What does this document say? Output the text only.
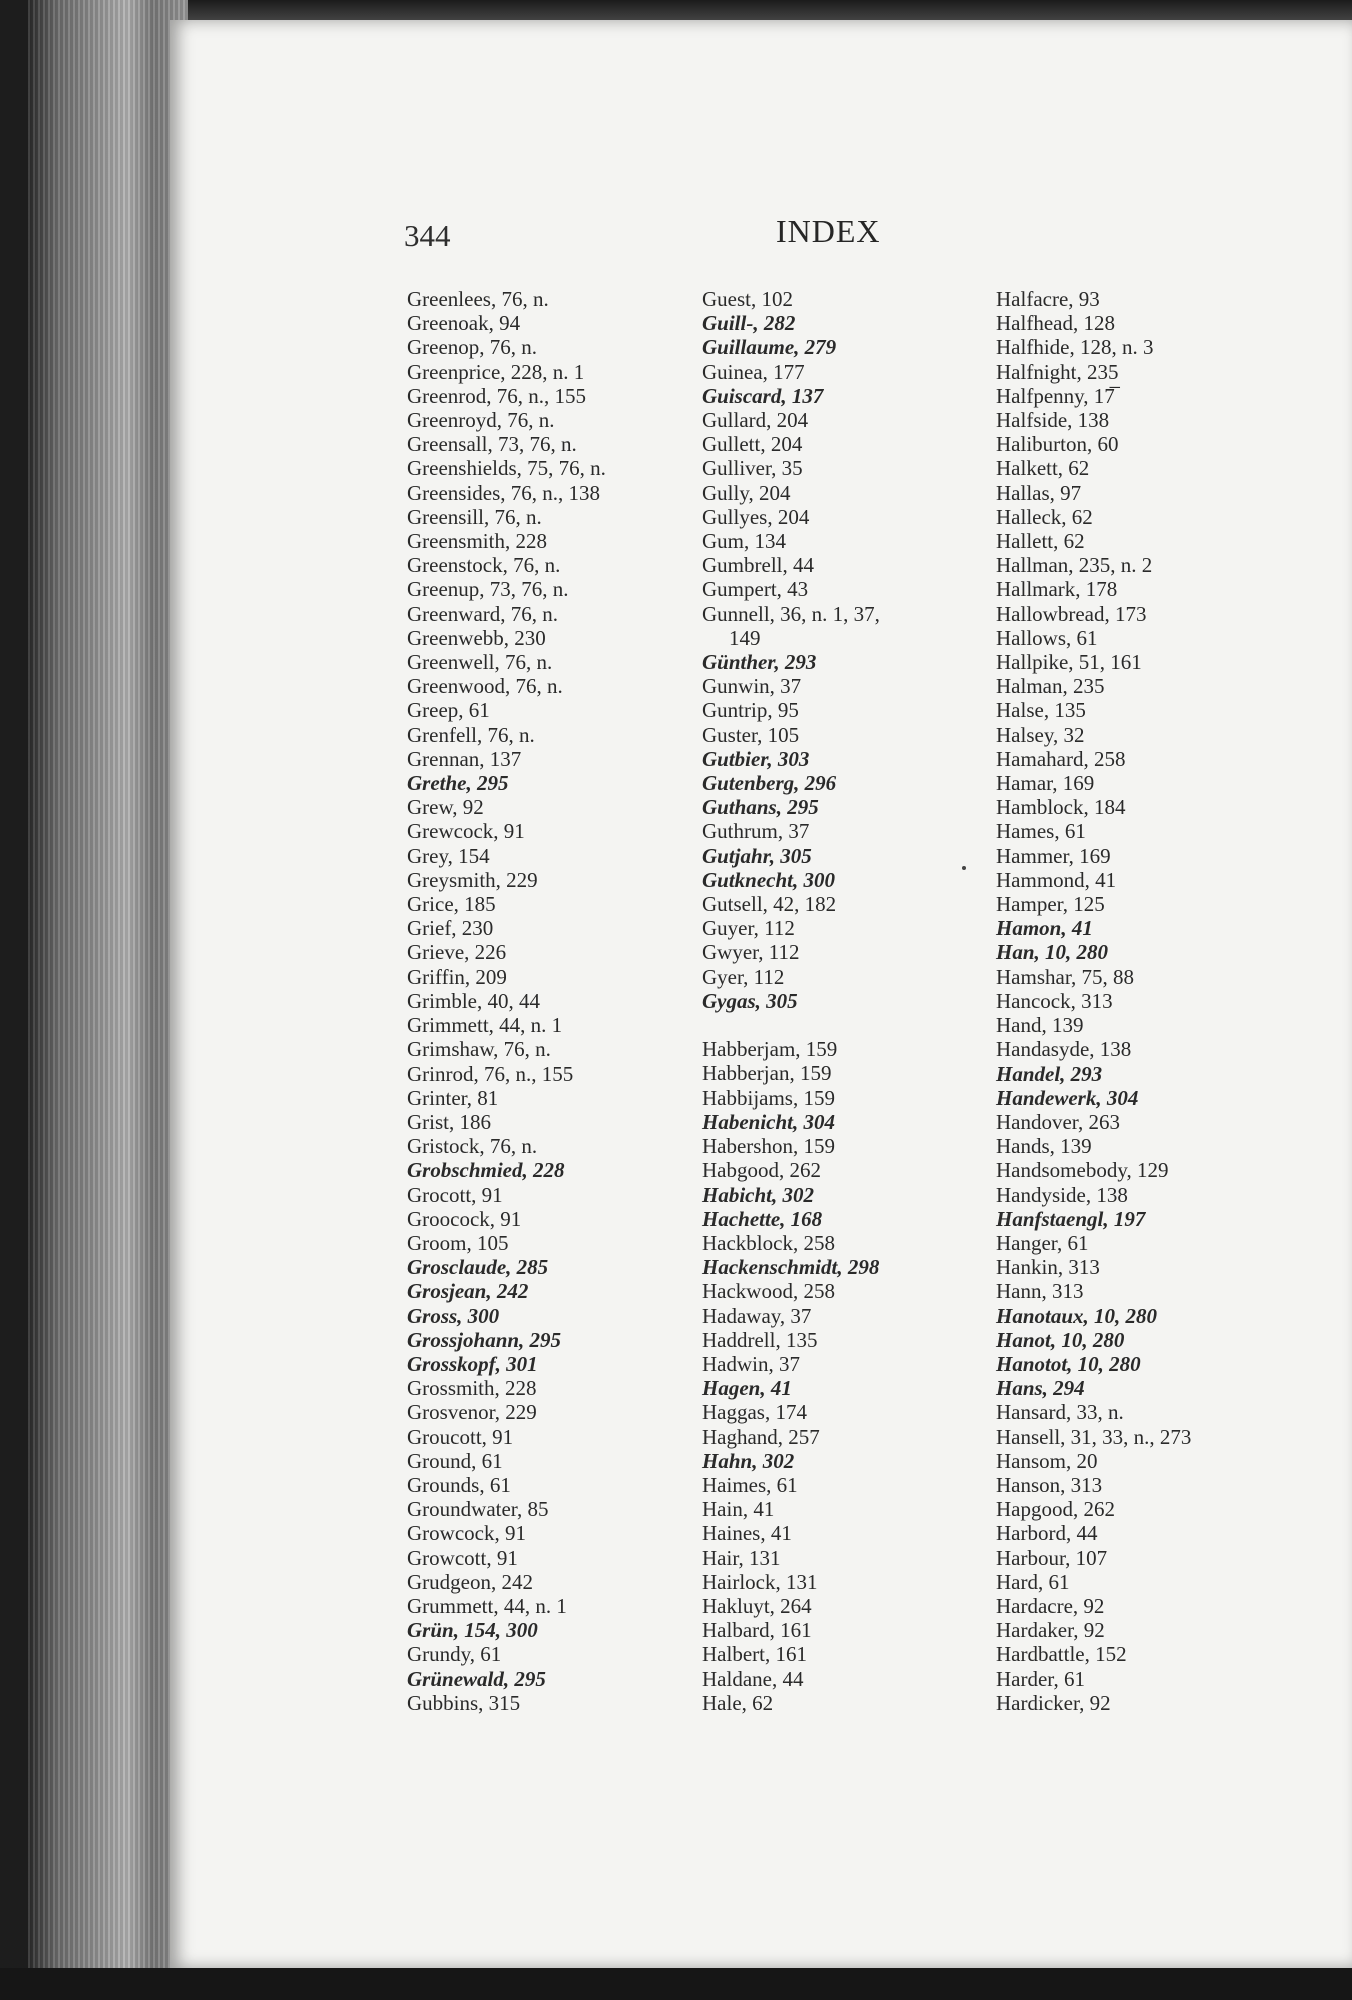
344	INDEX
Greenlees, 76, n.
Greenoak, 94
Greenop, 76, n.
Greenprice, 228, n. 1
Greenrod, 76, n., 155
Greenroyd, 76, n.
Greensall, 73, 76, n.
Greenshields, 75, 76, n.
Greensides, 76, n., 138
Greensill, 76, n.
Greensmith, 228
Greenstock, 76, n.
Greenup, 73, 76, n.
Greenward, 76, n.
Greenwebb, 230
Greenwell, 76, n.
Greenwood, 76, n.
Greep, 61
Grenfell, 76, n.
Grennan, 137
Grethe, 295
Grew, 92
Grewcock, 91
Grey, 154
Greysmith, 229
Grice, 185
Grief, 230
Grieve, 226
Griffin, 209
Grimble, 40, 44
Grimmett, 44, n. 1
Grimshaw, 76, n.
Grinrod, 76, n., 155
Grinter, 81
Grist, 186
Gristock, 76, n.
Grobschmied, 228
Grocott, 91
Groocock, 91
Groom, 105
Grosclaude, 285
Grosjean, 242
Gross, 300
Grossjohann, 295
Grosskopf, 301
Grossmith, 228
Grosvenor, 229
Groucott, 91
Ground, 61
Grounds, 61
Groundwater, 85
Growcock, 91
Growcott, 91
Grudgeon, 242
Grummett, 44, n. 1
Grün, 154, 300
Grundy, 61
Grünewald, 295
Gubbins, 315
Guest, 102
Guill-, 282
Guillaume, 279
Guinea, 177
Guiscard, 137
Gullard, 204
Gullett, 204
Gulliver, 35
Gully, 204
Gullyes, 204
Gum, 134
Gumbrell, 44
Gumpert, 43
Gunnell, 36, n. 1, 37,
149
Günther, 293
Gunwin, 37
Guntrip, 95
Guster, 105
Gutbier, 303
Gutenberg, 296
Guthans, 295
Guthrum, 37
Gutjahr, 305
Gutknecht, 300
Gutsell, 42, 182
Guyer, 112
Gwyer, 112
Gyer, 112
Gygas, 305
Habberjam, 159
Habberjan, 159
Habbijams, 159
Habenicht, 304
Habershon, 159
Habgood, 262
Habicht, 302
Hachette, 168
Hackblock, 258
Hackenschmidt, 298
Hackwood, 258
Hadaway, 37
Haddrell, 135
Hadwin, 37
Hagen, 41
Haggas, 174
Haghand, 257
Hahn, 302
Haimes, 61
Hain, 41
Haines, 41
Hair, 131
Hairlock, 131
Hakluyt, 264
Halbard, 161
Halbert, 161
Haldane, 44
Hale, 62
Halfacre, 93
Halfhead, 128
Halfhide, 128, n. 3
Halfnight, 235
Halfpenny, 17̅
Halfside, 138
Haliburton, 60
Halkett, 62
Hallas, 97
Halleck, 62
Hallett, 62
Hallman, 235, n. 2
Hallmark, 178
Hallowbread, 173
Hallows, 61
Hallpike, 51, 161
Halman, 235
Halse, 135
Halsey, 32
Hamahard, 258
Hamar, 169
Hamblock, 184
Hames, 61
Hammer, 169
Hammond, 41
Hamper, 125
Hamon, 41
Han, 10, 280
Hamshar, 75, 88
Hancock, 313
Hand, 139
Handasyde, 138
Handel, 293
Handewerk, 304
Handover, 263
Hands, 139
Handsomebody, 129
Handyside, 138
Hanfstaengl, 197
Hanger, 61
Hankin, 313
Hann, 313
Hanotaux, 10, 280
Hanot, 10, 280
Hanotot, 10, 280
Hans, 294
Hansard, 33, n.
Hansell, 31, 33, n., 273
Hansom, 20
Hanson, 313
Hapgood, 262
Harbord, 44
Harbour, 107
Hard, 61
Hardacre, 92
Hardaker, 92
Hardbattle, 152
Harder, 61
Hardicker, 92
